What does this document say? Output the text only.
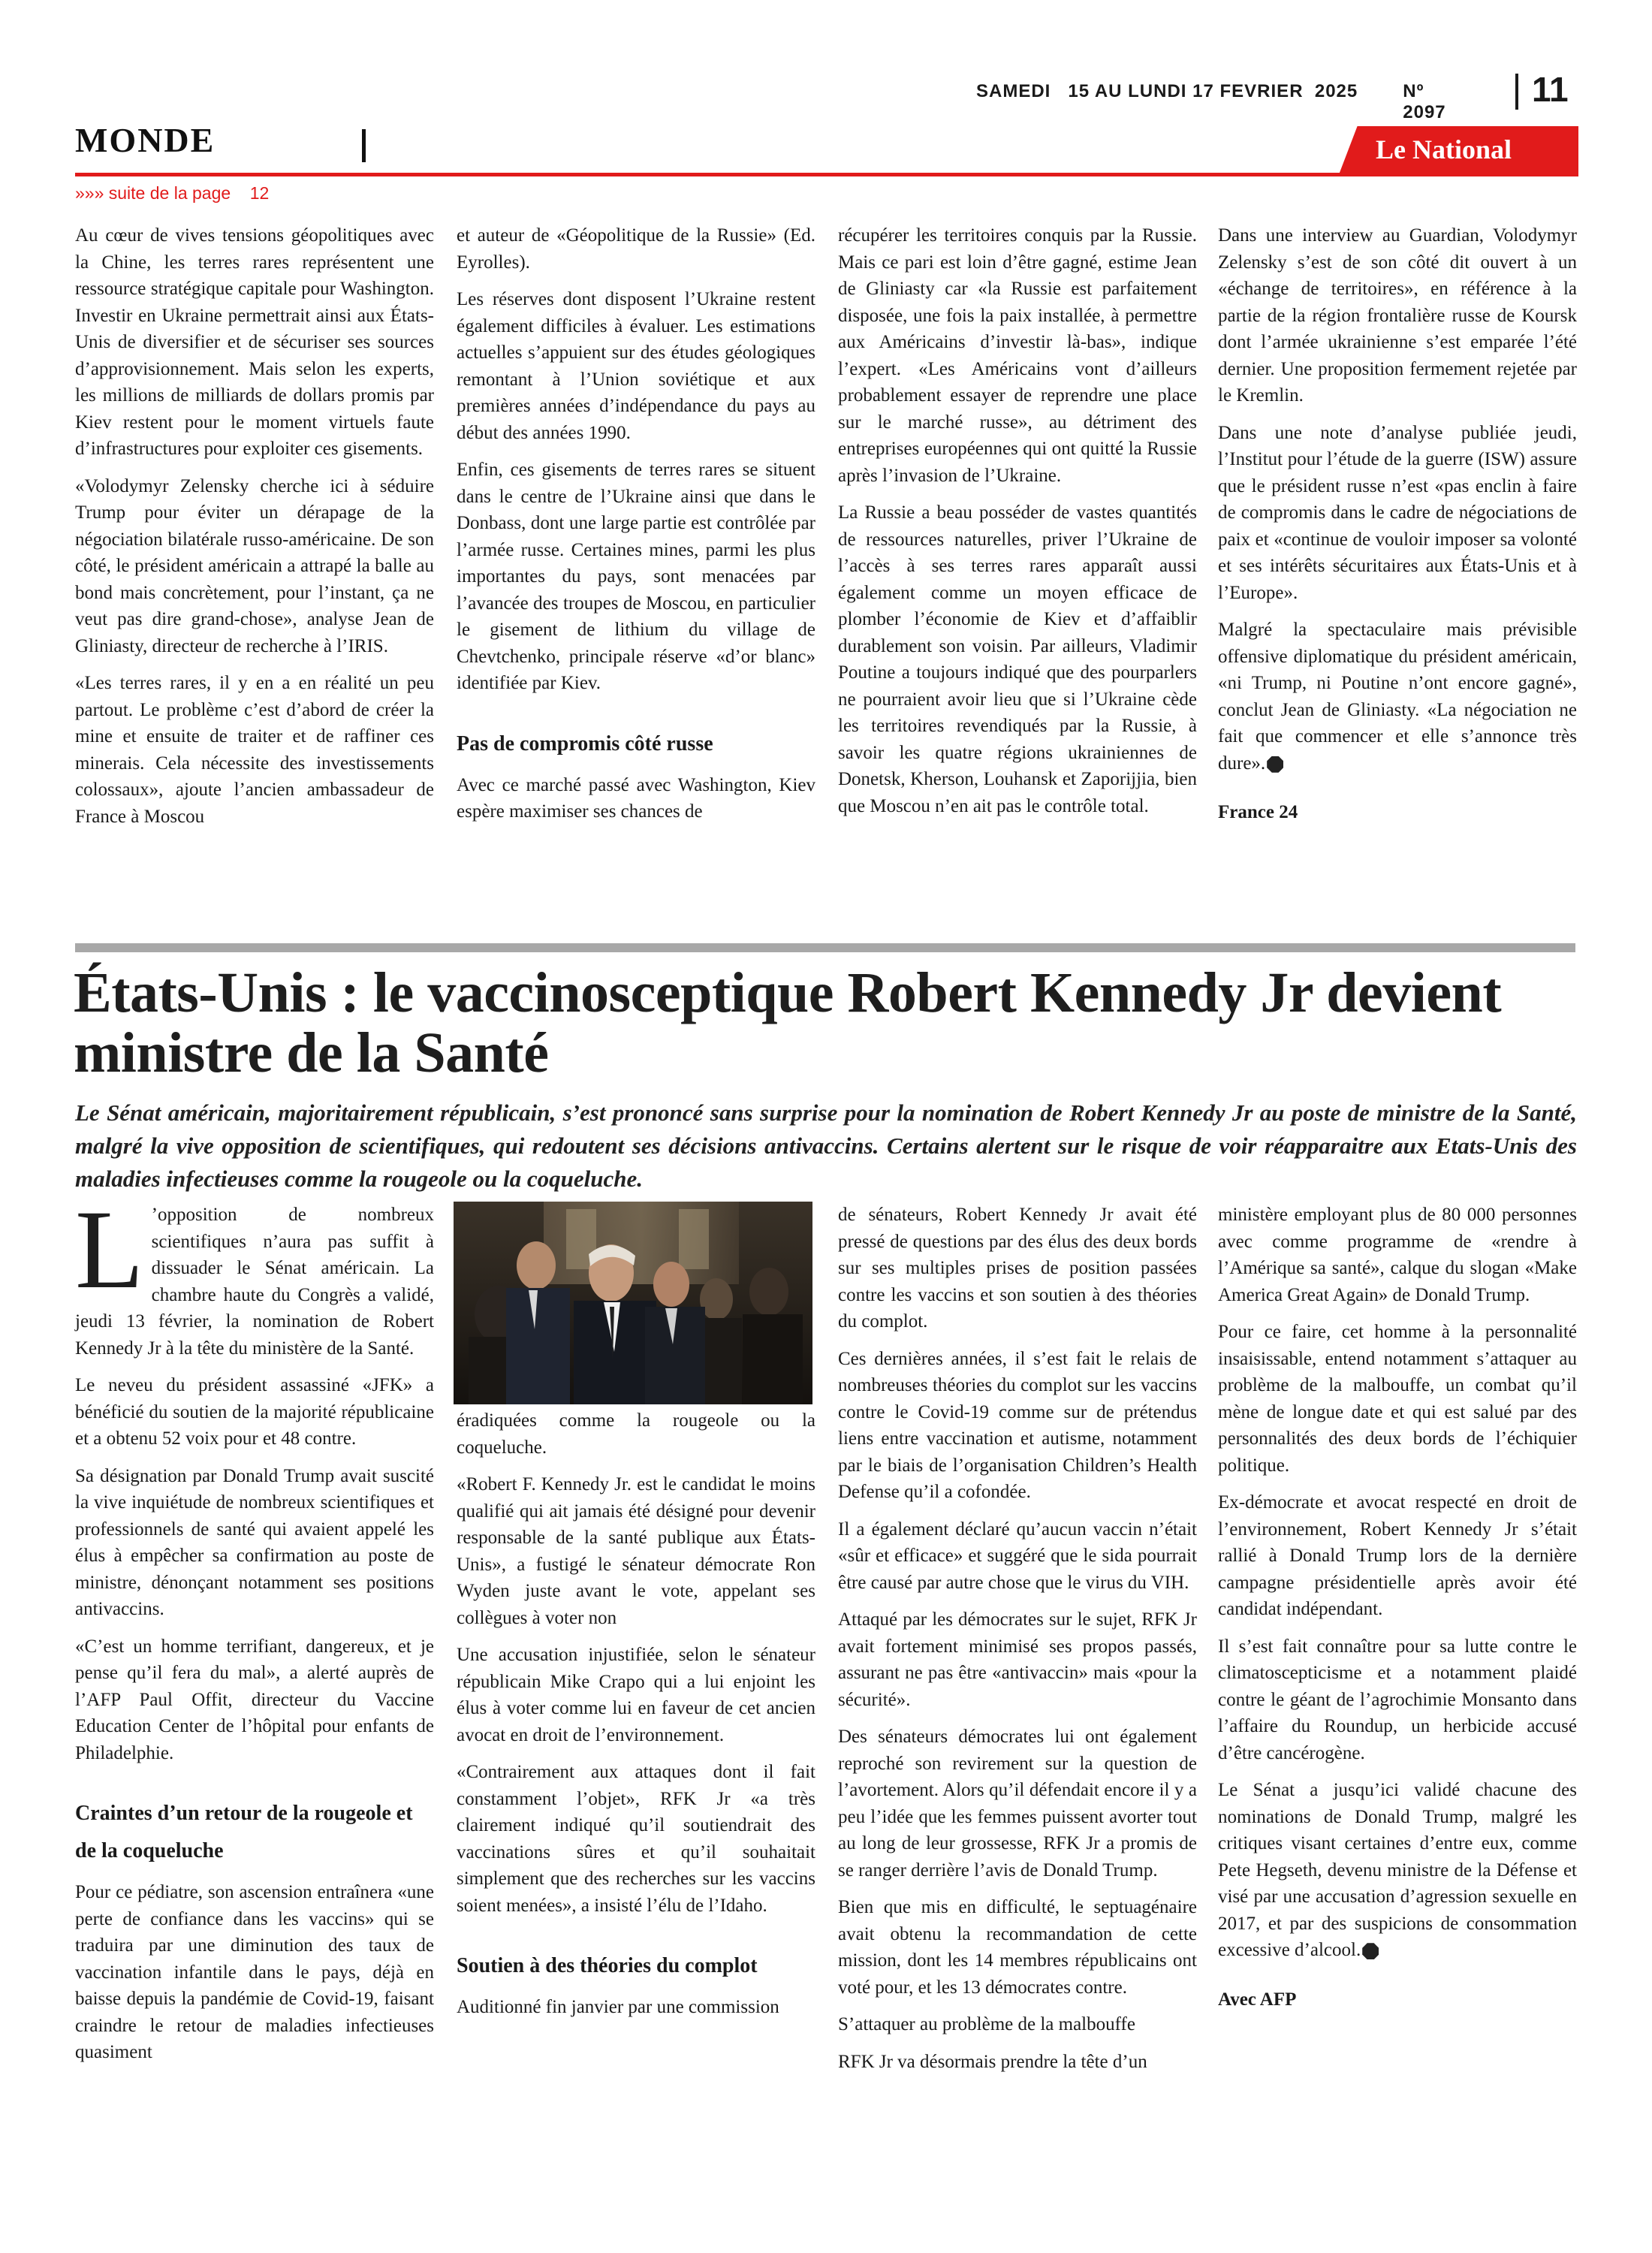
SAMEDI   15 AU LUNDI 17 FEVRIER  2025	Nº 2097
11
MONDE	Le National
»»» suite de la page    12

Au cœur de vives tensions géopolitiques avec la Chine, les terres rares représentent une ressource stratégique capitale pour Washington. Investir en Ukraine permettrait ainsi aux États-Unis de diversifier et de sécuriser ses sources d’approvisionnement. Mais selon les experts, les millions de milliards de dollars promis par Kiev restent pour le moment virtuels faute d’infrastructures pour exploiter ces gisements.

«Volodymyr Zelensky cherche ici à séduire Trump pour éviter un dérapage de la négociation bilatérale russo-américaine. De son côté, le président américain a attrapé la balle au bond mais concrètement, pour l’instant, ça ne veut pas dire grand-chose», analyse Jean de Gliniasty, directeur de recherche à l’IRIS.

«Les terres rares, il y en a en réalité un peu partout. Le problème c’est d’abord de créer la mine et ensuite de traiter et de raffiner ces minerais. Cela nécessite des investissements colossaux», ajoute l’ancien ambassadeur de France à Moscou

et auteur de «Géopolitique de la Russie» (Ed. Eyrolles).

Les réserves dont disposent l’Ukraine restent également difficiles à évaluer. Les estimations actuelles s’appuient sur des études géologiques remontant à l’Union soviétique et aux premières années d’indépendance du pays au début des années 1990.

Enfin, ces gisements de terres rares se situent dans le centre de l’Ukraine ainsi que dans le Donbass, dont une large partie est contrôlée par l’armée russe. Certaines mines, parmi les plus importantes du pays, sont menacées par l’avancée des troupes de Moscou, en particulier le gisement de lithium du village de Chevtchenko, principale réserve «d’or blanc» identifiée par Kiev.

Pas de compromis côté russe

Avec ce marché passé avec Washington, Kiev espère maximiser ses chances de

récupérer les territoires conquis par la Russie. Mais ce pari est loin d’être gagné, estime Jean de Gliniasty car «la Russie est parfaitement disposée, une fois la paix installée, à permettre aux Américains d’investir là-bas», indique l’expert. «Les Américains vont d’ailleurs probablement essayer de reprendre une place sur le marché russe», au détriment des entreprises européennes qui ont quitté la Russie après l’invasion de l’Ukraine.

La Russie a beau posséder de vastes quantités de ressources naturelles, priver l’Ukraine de l’accès à ses terres rares apparaît aussi également comme un moyen efficace de plomber l’économie de Kiev et d’affaiblir durablement son voisin. Par ailleurs, Vladimir Poutine a toujours indiqué que des pourparlers ne pourraient avoir lieu que si l’Ukraine cède les territoires revendiqués par la Russie, à savoir les quatre régions ukrainiennes de Donetsk, Kherson, Louhansk et Zaporijjia, bien que Moscou n’en ait pas le contrôle total.

Dans une interview au Guardian, Volodymyr Zelensky s’est de son côté dit ouvert à un «échange de territoires», en référence à la partie de la région frontalière russe de Koursk dont l’armée ukrainienne s’est emparée l’été dernier. Une proposition fermement rejetée par le Kremlin.

Dans une note d’analyse publiée jeudi, l’Institut pour l’étude de la guerre (ISW) assure que le président russe n’est «pas enclin à faire de compromis dans le cadre de négociations de paix et «continue de vouloir imposer sa volonté et ses intérêts sécuritaires aux États-Unis et à l’Europe».

Malgré la spectaculaire mais prévisible offensive diplomatique du président américain, «ni Trump, ni Poutine n’ont encore gagné», conclut Jean de Gliniasty. «La négociation ne fait que commencer et elle s’annonce très dure».

France 24

États-Unis : le vaccinosceptique Robert Kennedy Jr devient ministre de la Santé
Le Sénat américain, majoritairement républicain, s’est prononcé sans surprise pour la nomination de Robert Kennedy Jr au poste de ministre de la Santé, malgré la vive opposition de scientifiques, qui redoutent ses décisions antivaccins. Certains alertent sur le risque de voir réapparaitre aux Etats-Unis des maladies infectieuses comme la rougeole ou la coqueluche.

L ’opposition de nombreux scientifiques n’aura pas suffit à dissuader le Sénat américain. La chambre haute du Congrès a validé, jeudi 13 février, la nomination de Robert Kennedy Jr à la tête du ministère de la Santé.

Le neveu du président assassiné «JFK» a bénéficié du soutien de la majorité républicaine et a obtenu 52 voix pour et 48 contre.

Sa désignation par Donald Trump avait suscité la vive inquiétude de nombreux scientifiques et professionnels de santé qui avaient appelé les élus à empêcher sa confirmation au poste de ministre, dénonçant notamment ses positions antivaccins.

«C’est un homme terrifiant, dangereux, et je pense qu’il fera du mal», a alerté auprès de l’AFP Paul Offit, directeur du Vaccine Education Center de l’hôpital pour enfants de Philadelphie.

Craintes d’un retour de la rougeole et de la coqueluche

Pour ce pédiatre, son ascension entraînera «une perte de confiance dans les vaccins» qui se traduira par une diminution des taux de vaccination infantile dans le pays, déjà en baisse depuis la pandémie de Covid-19, faisant craindre le retour de maladies infectieuses quasiment

éradiquées comme la rougeole ou la coqueluche.

«Robert F. Kennedy Jr. est le candidat le moins qualifié qui ait jamais été désigné pour devenir responsable de la santé publique aux États-Unis», a fustigé le sénateur démocrate Ron Wyden juste avant le vote, appelant ses collègues à voter non

Une accusation injustifiée, selon le sénateur républicain Mike Crapo qui a lui enjoint les élus à voter comme lui en faveur de cet ancien avocat en droit de l’environnement.

«Contrairement aux attaques dont il fait constamment l’objet», RFK Jr «a très clairement indiqué qu’il soutiendrait des vaccinations sûres et qu’il souhaitait simplement que des recherches sur les vaccins soient menées», a insisté l’élu de l’Idaho.

Soutien à des théories du complot

Auditionné fin janvier par une commission

de sénateurs, Robert Kennedy Jr avait été pressé de questions par des élus des deux bords sur ses multiples prises de position passées contre les vaccins et son soutien à des théories du complot.

Ces dernières années, il s’est fait le relais de nombreuses théories du complot sur les vaccins contre le Covid-19 comme sur de prétendus liens entre vaccination et autisme, notamment par le biais de l’organisation Children’s Health Defense qu’il a cofondée.

Il a également déclaré qu’aucun vaccin n’était «sûr et efficace» et suggéré que le sida pourrait être causé par autre chose que le virus du VIH.

Attaqué par les démocrates sur le sujet, RFK Jr avait fortement minimisé ses propos passés, assurant ne pas être «antivaccin» mais «pour la sécurité».

Des sénateurs démocrates lui ont également reproché son revirement sur la question de l’avortement. Alors qu’il défendait encore il y a peu l’idée que les femmes puissent avorter tout au long de leur grossesse, RFK Jr a promis de se ranger derrière l’avis de Donald Trump.

Bien que mis en difficulté, le septuagénaire avait obtenu la recommandation de cette mission, dont les 14 membres républicains ont voté pour, et les 13 démocrates contre.

S’attaquer au problème de la malbouffe

RFK Jr va désormais prendre la tête d’un

ministère employant plus de 80 000 personnes avec comme programme de «rendre à l’Amérique sa santé», calque du slogan «Make America Great Again» de Donald Trump.

Pour ce faire, cet homme à la personnalité insaisissable, entend notamment s’attaquer au problème de la malbouffe, un combat qu’il mène de longue date et qui est salué par des personnalités des deux bords de l’échiquier politique.

Ex-démocrate et avocat respecté en droit de l’environnement, Robert Kennedy Jr s’était rallié à Donald Trump lors de la dernière campagne présidentielle après avoir été candidat indépendant.

Il s’est fait connaître pour sa lutte contre le climatoscepticisme et a notamment plaidé contre le géant de l’agrochimie Monsanto dans l’affaire du Roundup, un herbicide accusé d’être cancérogène.

Le Sénat a jusqu’ici validé chacune des nominations de Donald Trump, malgré les critiques visant certaines d’entre eux, comme Pete Hegseth, devenu ministre de la Défense et visé par une accusation d’agression sexuelle en 2017, et par des suspicions de consommation excessive d’alcool.

Avec AFP
